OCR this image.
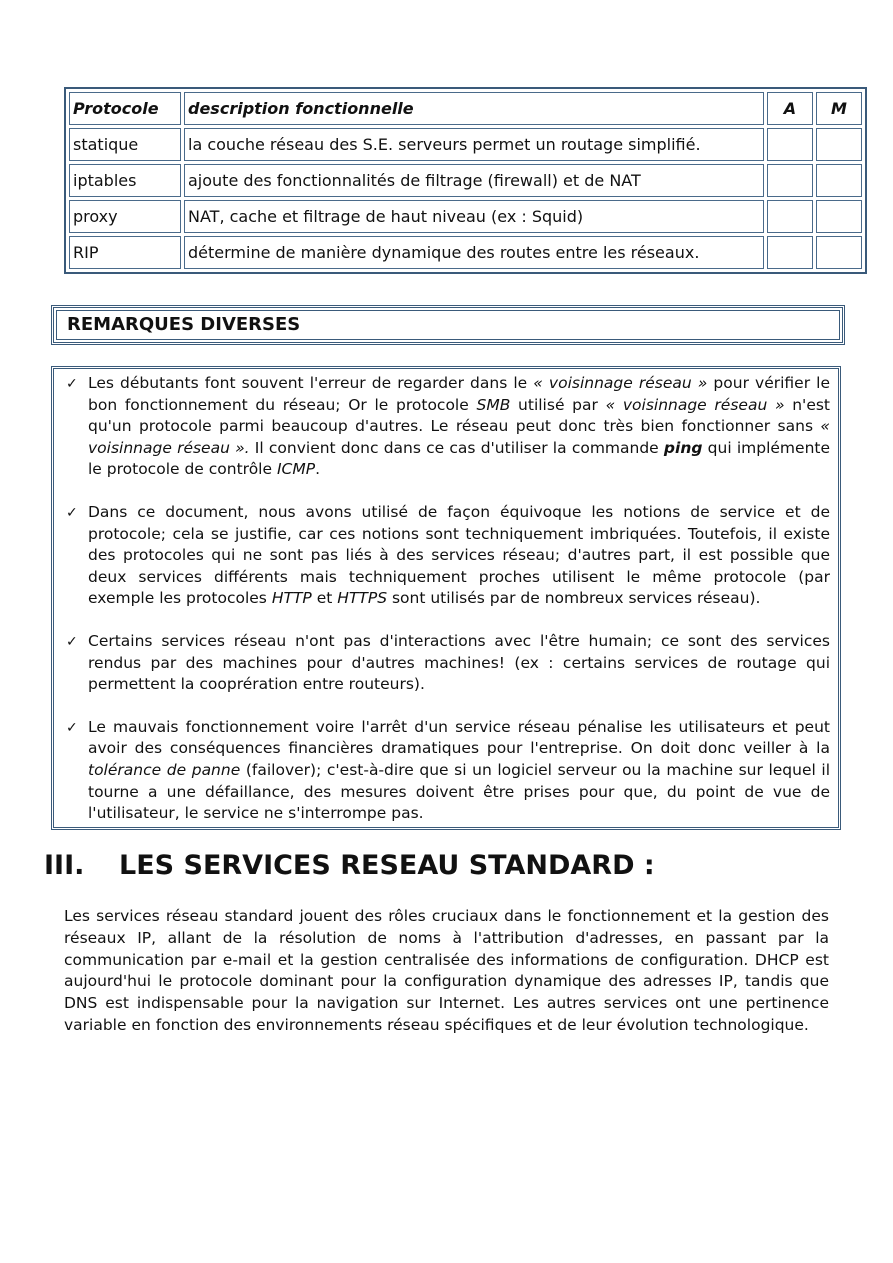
Protocole	description fonctionnelle	A	M
statique	la couche réseau des S.E. serveurs permet un routage simplifié.		
iptables	ajoute des fonctionnalités de filtrage (firewall) et de NAT		
proxy	NAT, cache et filtrage de haut niveau (ex : Squid)		
RIP	détermine de manière dynamique des routes entre les réseaux.		
REMARQUES DIVERSES
✓ Les débutants font souvent l'erreur de regarder dans le « voisinnage réseau » pour vérifier le bon fonctionnement du réseau; Or le protocole SMB utilisé par « voisinnage réseau » n'est qu'un protocole parmi beaucoup d'autres. Le réseau peut donc très bien fonctionner sans « voisinnage réseau ». Il convient donc dans ce cas d'utiliser la commande ping qui implémente le protocole de contrôle ICMP.
✓ Dans ce document, nous avons utilisé de façon équivoque les notions de service et de protocole; cela se justifie, car ces notions sont techniquement imbriquées. Toutefois, il existe des protocoles qui ne sont pas liés à des services réseau; d'autres part, il est possible que deux services différents mais techniquement proches utilisent le même protocole (par exemple les protocoles HTTP et HTTPS sont utilisés par de nombreux services réseau).
✓ Certains services réseau n'ont pas d'interactions avec l'être humain; ce sont des services rendus par des machines pour d'autres machines! (ex : certains services de routage qui permettent la cooprération entre routeurs).
✓ Le mauvais fonctionnement voire l'arrêt d'un service réseau pénalise les utilisateurs et peut avoir des conséquences financières dramatiques pour l'entreprise. On doit donc veiller à la tolérance de panne (failover); c'est-à-dire que si un logiciel serveur ou la machine sur lequel il tourne a une défaillance, des mesures doivent être prises pour que, du point de vue de l'utilisateur, le service ne s'interrompe pas.
III. LES SERVICES RESEAU STANDARD :

Les services réseau standard jouent des rôles cruciaux dans le fonctionnement et la gestion des réseaux IP, allant de la résolution de noms à l'attribution d'adresses, en passant par la communication par e-mail et la gestion centralisée des informations de configuration. DHCP est aujourd'hui le protocole dominant pour la configuration dynamique des adresses IP, tandis que DNS est indispensable pour la navigation sur Internet. Les autres services ont une pertinence variable en fonction des environnements réseau spécifiques et de leur évolution technologique.
